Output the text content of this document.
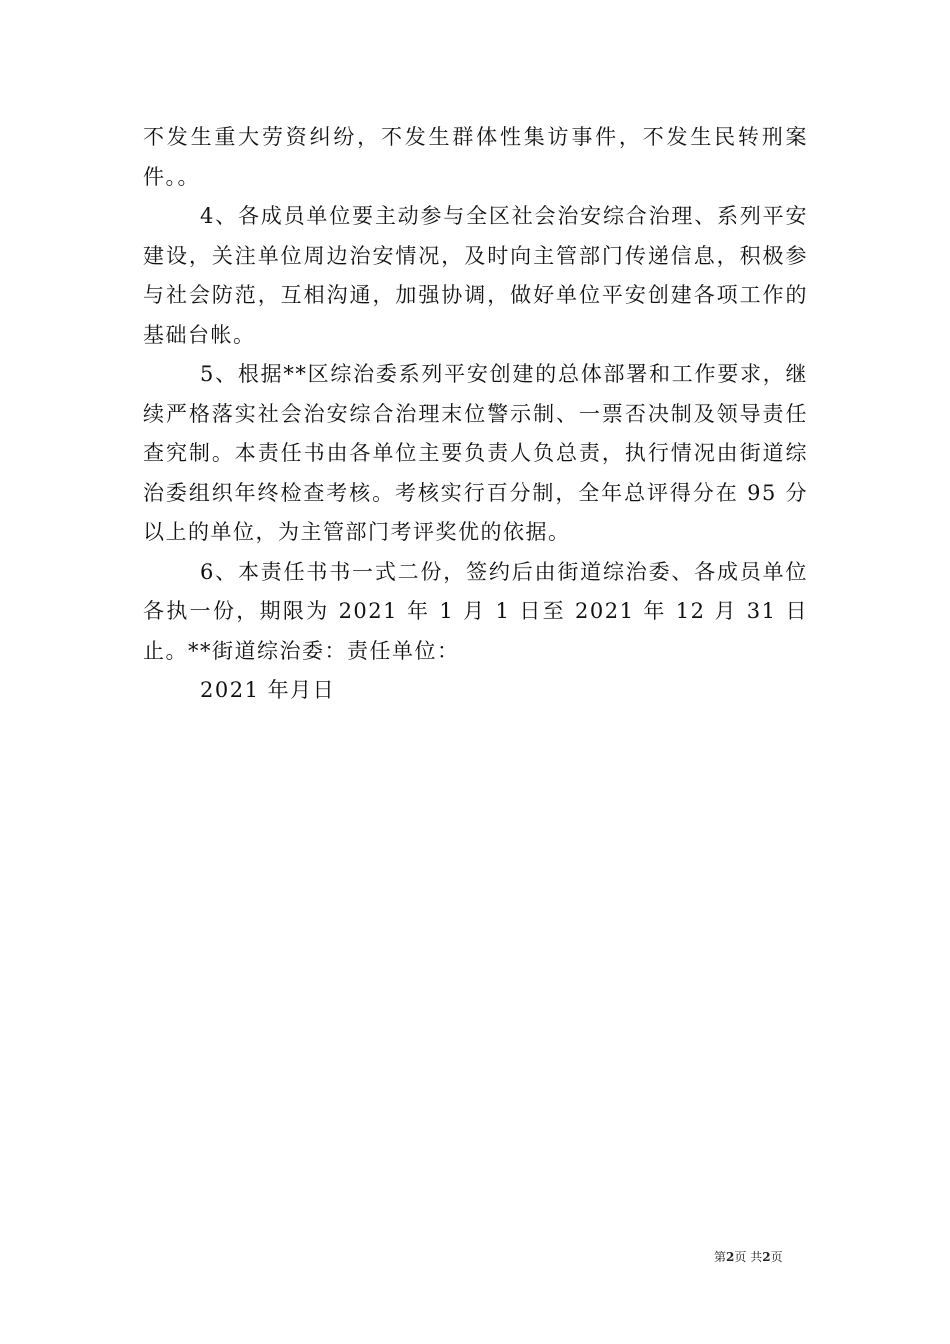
不发生重大劳资纠纷，不发生群体性集访事件，不发生民转刑案件。。

4、各成员单位要主动参与全区社会治安综合治理、系列平安建设，关注单位周边治安情况，及时向主管部门传递信息，积极参与社会防范，互相沟通，加强协调，做好单位平安创建各项工作的基础台帐。

5、根据**区综治委系列平安创建的总体部署和工作要求，继续严格落实社会治安综合治理末位警示制、一票否决制及领导责任查究制。本责任书由各单位主要负责人负总责，执行情况由街道综治委组织年终检查考核。考核实行百分制，全年总评得分在 95 分以上的单位，为主管部门考评奖优的依据。

6、本责任书书一式二份，签约后由街道综治委、各成员单位各执一份，期限为 2021 年 1 月 1 日至 2021 年 12 月 31 日止。**街道综治委：责任单位：

2021 年月日

第2页 共2页
